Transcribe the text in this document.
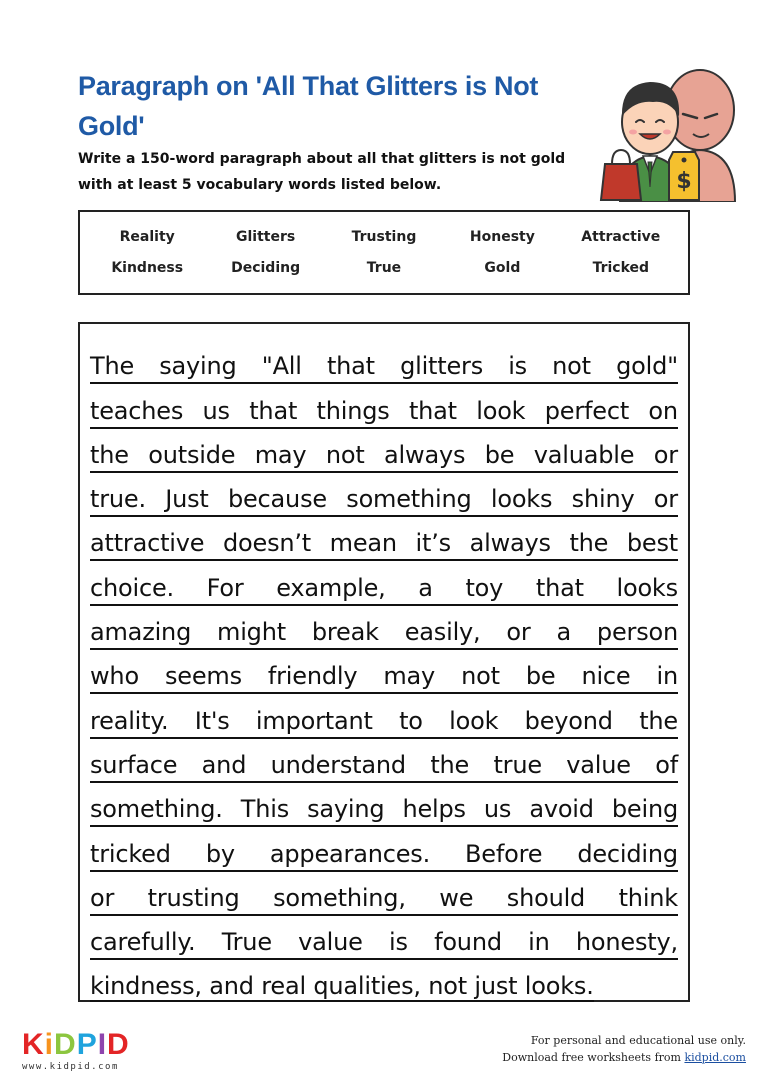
Paragraph on 'All That Glitters is Not Gold'
Write a 150-word paragraph about all that glitters is not gold with at least 5 vocabulary words listed below.	$
Reality	Glitters	Trusting	Honesty	Attractive
Kindness	Deciding	True	Gold	Tricked
The saying "All that glitters is not gold"
teaches us that things that look perfect on
the outside may not always be valuable or
true. Just because something looks shiny or
attractive doesn’t mean it’s always the best
choice. For example, a toy that looks
amazing might break easily, or a person
who seems friendly may not be nice in
reality. It's important to look beyond the
surface and understand the true value of
something. This saying helps us avoid being
tricked by appearances. Before deciding
or trusting something, we should think
carefully. True value is found in honesty,
kindness, and real qualities, not just looks.
KiDPID
www.kidpid.com
For personal and educational use only.
Download free worksheets from kidpid.com
